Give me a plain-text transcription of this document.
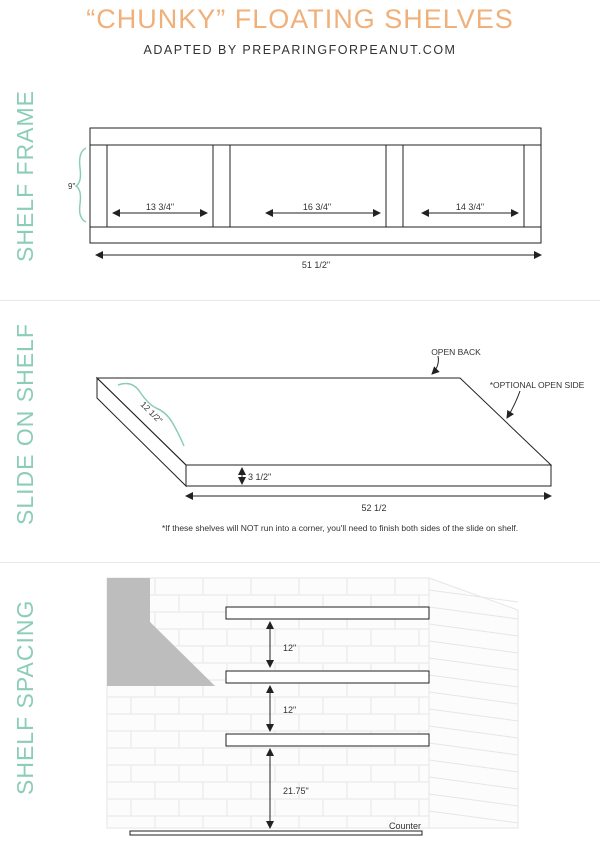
“CHUNKY” FLOATING SHELVES
ADAPTED BY PREPARINGFORPEANUT.COM
SHELF FRAME
SLIDE ON SHELF
SHELF SPACING
9"
13 3/4"	16 3/4"	14 3/4"
51 1/2"
OPEN BACK
*OPTIONAL OPEN SIDE
12 1/2"
3 1/2"
52 1/2
*If these shelves will NOT run into a corner, you'll need to finish both sides of the slide on shelf.
12"
12"
21.75"
Counter
